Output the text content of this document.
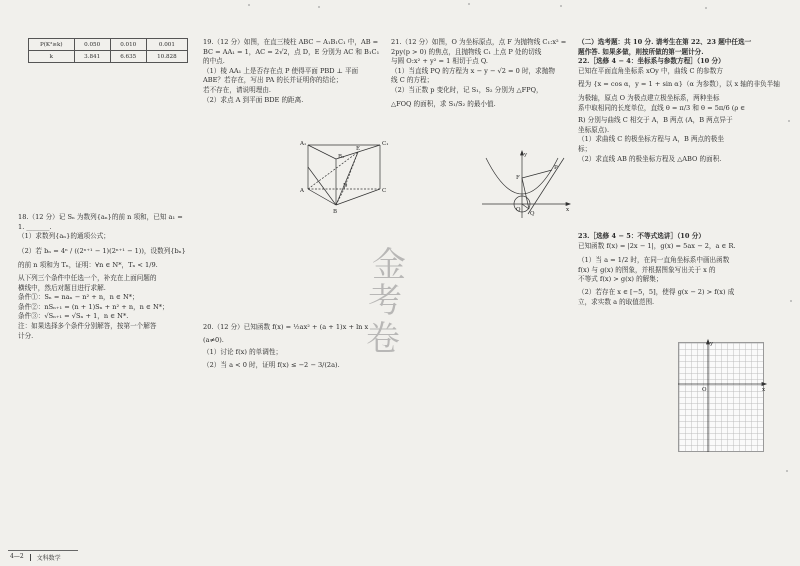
P(K²≥k)	0.050	0.010	0.001
k	3.841	6.635	10.828
18.（12 分）记 Sₙ 为数列{aₙ}的前 n 项和，已知 a₁ =
1. _______.
（1）求数列{aₙ}的通项公式；
（2）若 bₙ = 4ⁿ / ((2ⁿ⁺¹ − 1)(2ⁿ⁺¹ − 1))，设数列{bₙ}
的前 n 项和为 Tₙ，证明：∀n ∈ N*，Tₙ < 1/9.
从下列三个条件中任选一个，补充在上面问题的
横线中，然后对题目进行求解.
条件①：Sₙ = naₙ − n² + n，n ∈ N*；
条件②：nSₙ₊₁ = (n + 1)Sₙ + n² + n，n ∈ N*；
条件③：√Sₙ₊₁ = √Sₙ + 1，n ∈ N*.
注：如果选择多个条件分别解答，按第一个解答
计分.
19.（12 分）如图，在直三棱柱 ABC − A₁B₁C₁ 中，AB =
BC = AA₁ = 1，AC = 2√2，点 D，E 分别为 AC 和 B₁C₁
的中点.
（1）棱 AA₁ 上是否存在点 P 使得平面 PBD ⊥ 平面
ABE？若存在，写出 PA 的长并证明你的结论；
若不存在，请说明理由.
（2）求点 A 到平面 BDE 的距离.
A₁	C₁
E
B₁
A
D
C
B
20.（12 分）已知函数 f(x) = ½ax² + (a + 1)x + ln x
(a≠0).
（1）讨论 f(x) 的单调性；
（2）当 a < 0 时，证明 f(x) ≤ −2 − 3/(2a).
金
考
卷
21.（12 分）如图，O 为坐标原点，点 F 为抛物线 C₁:x² =
2py(p > 0) 的焦点，且抛物线 C₁ 上点 P 处的切线
与圆 O:x² + y² = 1 相切于点 Q.
（1）当直线 PQ 的方程为 x − y − √2 = 0 时，求抛物
线 C 的方程；
（2）当正数 p 变化时，记 S₁，S₂ 分别为 △FPQ，
△FOQ 的面积，求 S₁/S₂ 的最小值.
y
P
F
Q
O	x
（二）选考题：共 10 分. 请考生在第 22、23 题中任选一
题作答. 如果多做，则按所做的第一题计分.
22.［选修 4 − 4：坐标系与参数方程］（10 分）
已知在平面直角坐标系 xOy 中，曲线 C 的参数方
程为 {x = cos α，y = 1 + sin α}（α 为参数），以 x 轴的非负半轴
为极轴，原点 O 为极点建立极坐标系，两种坐标
系中取相同的长度单位，直线 θ = π/3 和 θ = 5π/6 (ρ ∈
R) 分别与曲线 C 相交于 A，B 两点 (A，B 两点异于
坐标原点).
（1）求曲线 C 的极坐标方程与 A，B 两点的极坐
标；
（2）求直线 AB 的极坐标方程及 △ABO 的面积.
23.［选修 4 − 5：不等式选讲］（10 分）
已知函数 f(x) = |2x − 1|，g(x) = 5ax − 2，a ∈ R.
（1）当 a = 1/2 时，在同一直角坐标系中画出函数
f(x) 与 g(x) 的图象，并根据图象写出关于 x 的
不等式 f(x) > g(x) 的解集；
（2）若存在 x ∈ [−5，5]，使得 g(x − 2) > f(x) 成
立，求实数 a 的取值范围.
y
x
O
4—2 文科数学
